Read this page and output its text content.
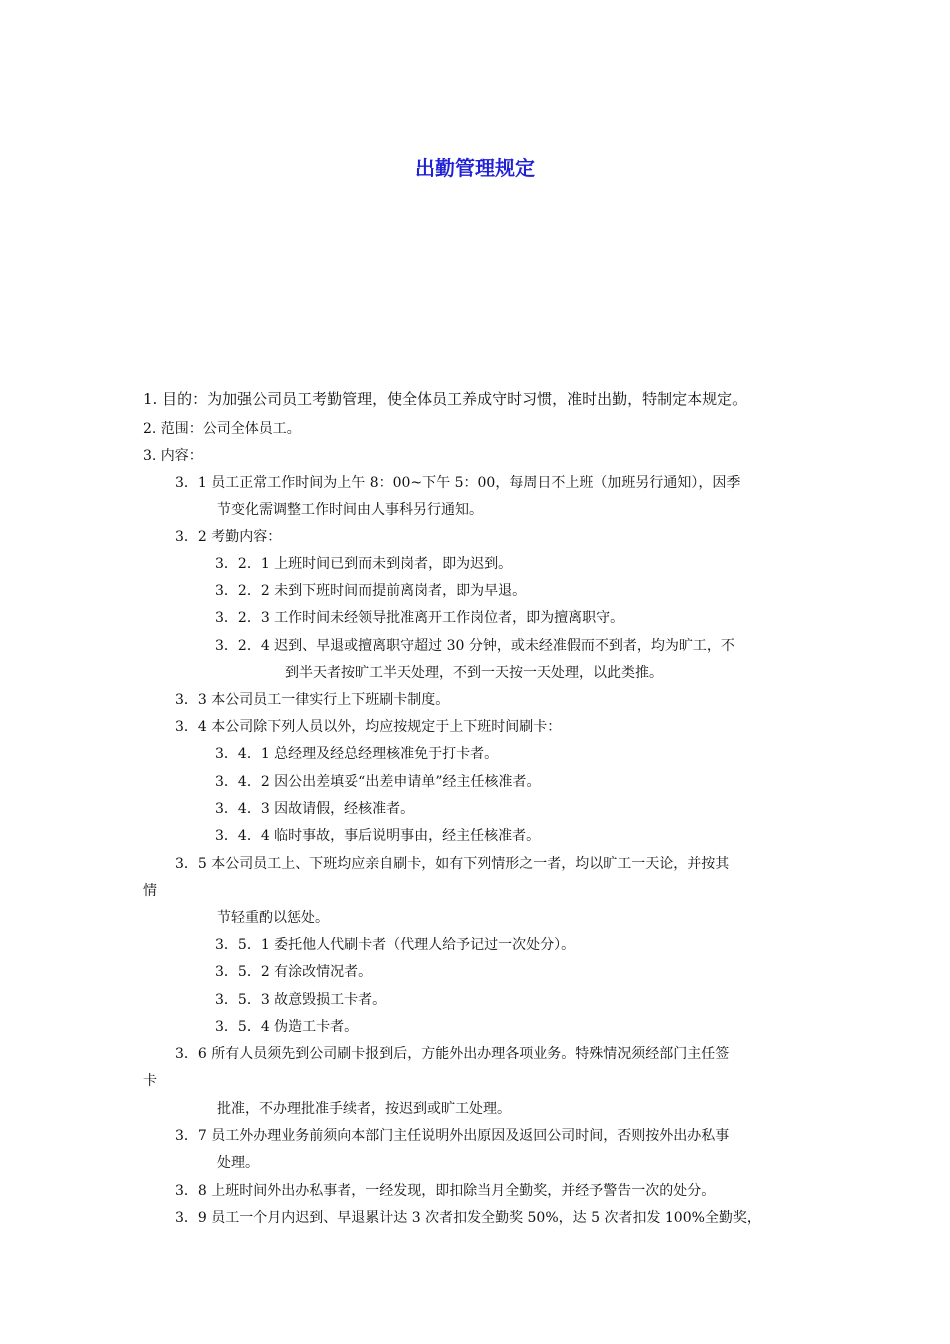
出勤管理规定
1. 目的：为加强公司员工考勤管理，使全体员工养成守时习惯，准时出勤，特制定本规定。
2. 范围：公司全体员工。
3. 内容：
3．1 员工正常工作时间为上午 8：00~下午 5：00，每周日不上班（加班另行通知），因季
节变化需调整工作时间由人事科另行通知。
3．2 考勤内容：
3．2．1 上班时间已到而未到岗者，即为迟到。
3．2．2 未到下班时间而提前离岗者，即为早退。
3．2．3 工作时间未经领导批准离开工作岗位者，即为擅离职守。
3．2．4 迟到、早退或擅离职守超过 30 分钟，或未经准假而不到者，均为旷工，不
到半天者按旷工半天处理，不到一天按一天处理，以此类推。
3．3 本公司员工一律实行上下班刷卡制度。
3．4 本公司除下列人员以外，均应按规定于上下班时间刷卡：
3．4．1 总经理及经总经理核准免于打卡者。
3．4．2 因公出差填妥“出差申请单”经主任核准者。
3．4．3 因故请假，经核准者。
3．4．4 临时事故，事后说明事由，经主任核准者。
3．5 本公司员工上、下班均应亲自刷卡，如有下列情形之一者，均以旷工一天论，并按其
情
节轻重酌以惩处。
3．5．1 委托他人代刷卡者（代理人给予记过一次处分）。
3．5．2 有涂改情况者。
3．5．3 故意毁损工卡者。
3．5．4 伪造工卡者。
3．6 所有人员须先到公司刷卡报到后，方能外出办理各项业务。特殊情况须经部门主任签
卡
批准，不办理批准手续者，按迟到或旷工处理。
3．7 员工外办理业务前须向本部门主任说明外出原因及返回公司时间，否则按外出办私事
处理。
3．8 上班时间外出办私事者，一经发现，即扣除当月全勤奖，并经予警告一次的处分。
3．9 员工一个月内迟到、早退累计达 3 次者扣发全勤奖 50%，达 5 次者扣发 100%全勤奖，
